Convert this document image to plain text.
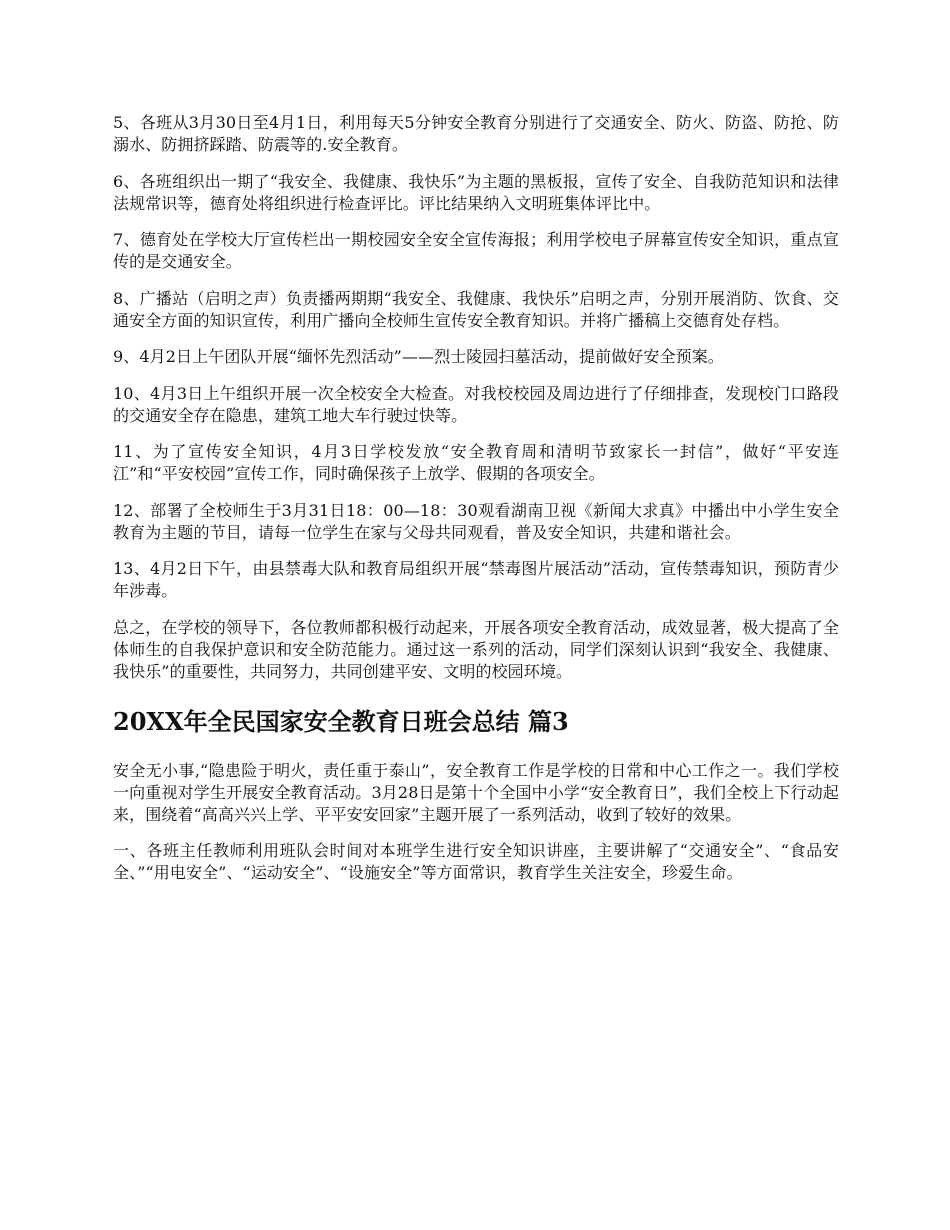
5、各班从3月30日至4月1日，利用每天5分钟安全教育分别进行了交通安全、防火、防盗、防抢、防溺水、防拥挤踩踏、防震等的.安全教育。

6、各班组织出一期了“我安全、我健康、我快乐”为主题的黑板报，宣传了安全、自我防范知识和法律法规常识等，德育处将组织进行检查评比。评比结果纳入文明班集体评比中。

7、德育处在学校大厅宣传栏出一期校园安全安全宣传海报；利用学校电子屏幕宣传安全知识，重点宣传的是交通安全。

8、广播站（启明之声）负责播两期期“我安全、我健康、我快乐”启明之声，分别开展消防、饮食、交通安全方面的知识宣传，利用广播向全校师生宣传安全教育知识。并将广播稿上交德育处存档。

9、4月2日上午团队开展“缅怀先烈活动”——烈士陵园扫墓活动，提前做好安全预案。

10、4月3日上午组织开展一次全校安全大检查。对我校校园及周边进行了仔细排查，发现校门口路段的交通安全存在隐患，建筑工地大车行驶过快等。

11、为了宣传安全知识，4月3日学校发放“安全教育周和清明节致家长一封信”，做好“平安连江”和“平安校园”宣传工作，同时确保孩子上放学、假期的各项安全。

12、部署了全校师生于3月31日18：00—18：30观看湖南卫视《新闻大求真》中播出中小学生安全教育为主题的节目，请每一位学生在家与父母共同观看，普及安全知识，共建和谐社会。

13、4月2日下午，由县禁毒大队和教育局组织开展“禁毒图片展活动”活动，宣传禁毒知识，预防青少年涉毒。

总之，在学校的领导下，各位教师都积极行动起来，开展各项安全教育活动，成效显著，极大提高了全体师生的自我保护意识和安全防范能力。通过这一系列的活动，同学们深刻认识到“我安全、我健康、我快乐”的重要性，共同努力，共同创建平安、文明的校园环境。

20XX年全民国家安全教育日班会总结 篇3

安全无小事,“隐患险于明火，责任重于泰山”，安全教育工作是学校的日常和中心工作之一。我们学校一向重视对学生开展安全教育活动。3月28日是第十个全国中小学“安全教育日”，我们全校上下行动起来，围绕着“高高兴兴上学、平平安安回家”主题开展了一系列活动，收到了较好的效果。

一、各班主任教师利用班队会时间对本班学生进行安全知识讲座，主要讲解了“交通安全”、“食品安全、”“用电安全”、“运动安全”、“设施安全”等方面常识，教育学生关注安全，珍爱生命。
